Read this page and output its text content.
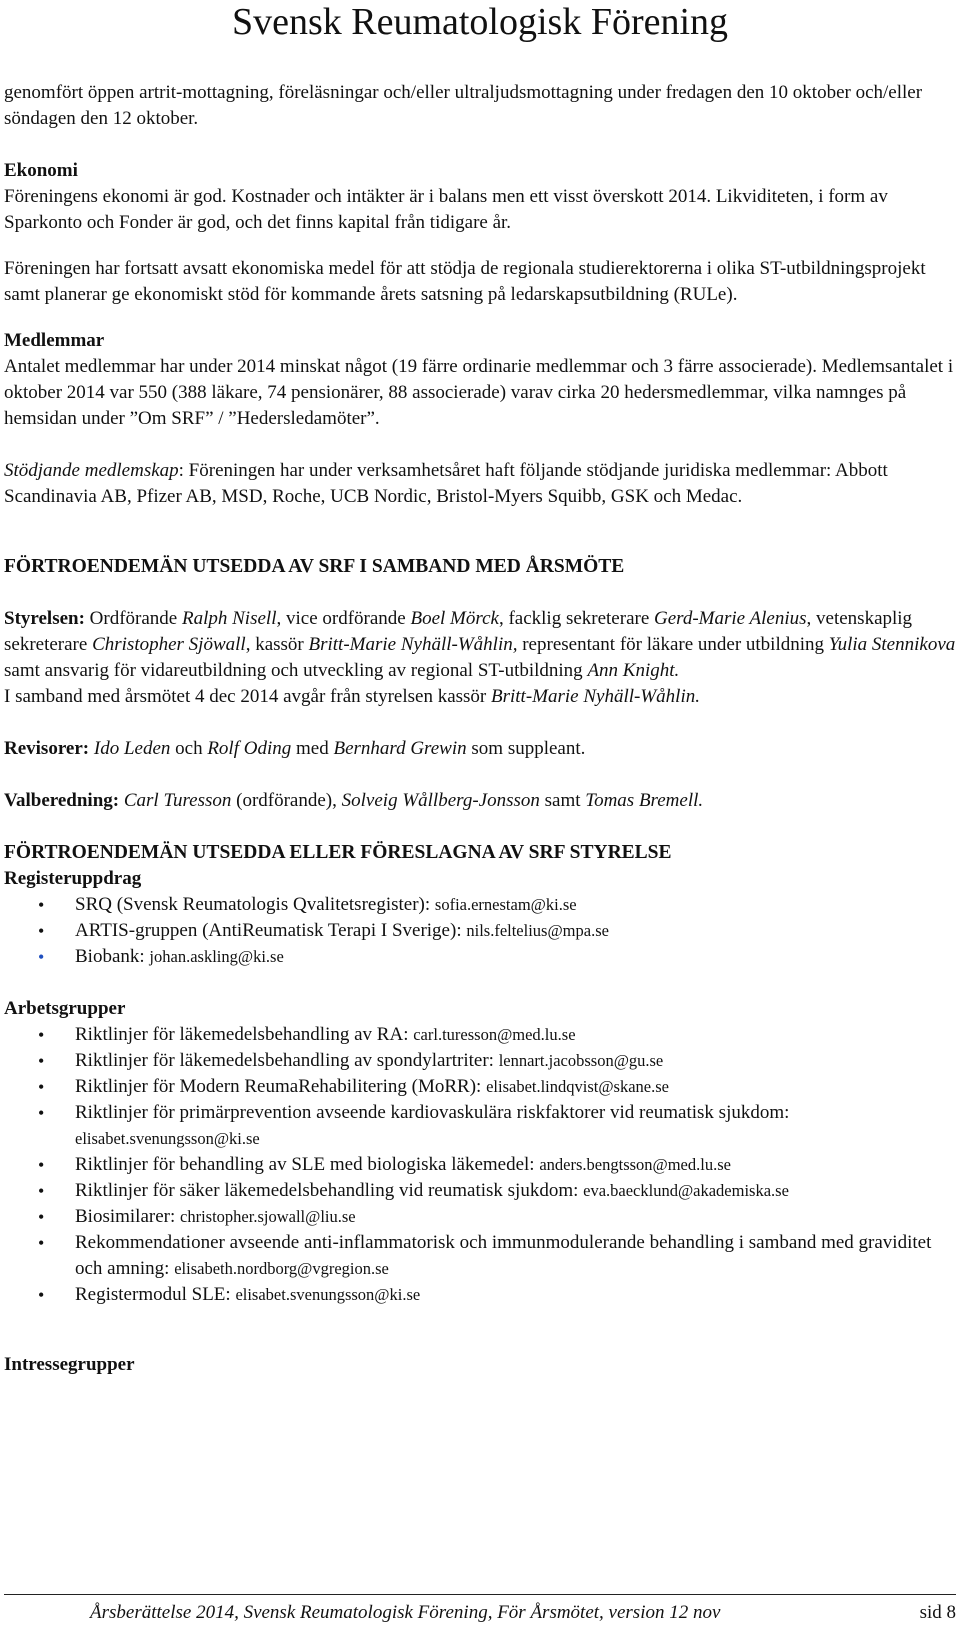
Svensk Reumatologisk Förening

genomfört öppen artrit-mottagning, föreläsningar och/eller ultraljudsmottagning under fredagen den 10 oktober och/eller söndagen den 12 oktober.

Ekonomi

Föreningens ekonomi är god. Kostnader och intäkter är i balans men ett visst överskott 2014. Likviditeten, i form av Sparkonto och Fonder är god, och det finns kapital från tidigare år.

Föreningen har fortsatt avsatt ekonomiska medel för att stödja de regionala studierektorerna i olika ST-utbildningsprojekt samt planerar ge ekonomiskt stöd för kommande årets satsning på ledarskapsutbildning (RULe).

Medlemmar

Antalet medlemmar har under 2014 minskat något (19 färre ordinarie medlemmar och 3 färre associerade). Medlemsantalet i oktober 2014 var 550 (388 läkare, 74 pensionärer, 88 associerade) varav cirka 20 hedersmedlemmar, vilka namnges på hemsidan under ”Om SRF” / ”Hedersledamöter”.

Stödjande medlemskap: Föreningen har under verksamhetsåret haft följande stödjande juridiska medlemmar: Abbott Scandinavia AB, Pfizer AB, MSD, Roche, UCB Nordic, Bristol-Myers Squibb, GSK och Medac.

FÖRTROENDEMÄN UTSEDDA AV SRF I SAMBAND MED ÅRSMÖTE

Styrelsen: Ordförande Ralph Nisell, vice ordförande Boel Mörck, facklig sekreterare Gerd-Marie Alenius, vetenskaplig sekreterare Christopher Sjöwall, kassör Britt-Marie Nyhäll-Wåhlin, representant för läkare under utbildning Yulia Stennikova samt ansvarig för vidareutbildning och utveckling av regional ST-utbildning Ann Knight.

I samband med årsmötet 4 dec 2014 avgår från styrelsen kassör Britt-Marie Nyhäll-Wåhlin.

Revisorer: Ido Leden och Rolf Oding med Bernhard Grewin som suppleant.

Valberedning: Carl Turesson (ordförande), Solveig Wållberg-Jonsson samt Tomas Bremell.

FÖRTROENDEMÄN UTSEDDA ELLER FÖRESLAGNA AV SRF STYRELSE

Registeruppdrag

• SRQ (Svensk Reumatologis Qvalitetsregister): sofia.ernestam@ki.se
• ARTIS-gruppen (AntiReumatisk Terapi I Sverige): nils.feltelius@mpa.se
• Biobank: johan.askling@ki.se

Arbetsgrupper

• Riktlinjer för läkemedelsbehandling av RA: carl.turesson@med.lu.se
• Riktlinjer för läkemedelsbehandling av spondylartriter: lennart.jacobsson@gu.se
• Riktlinjer för Modern ReumaRehabilitering (MoRR): elisabet.lindqvist@skane.se
• Riktlinjer för primärprevention avseende kardiovaskulära riskfaktorer vid reumatisk sjukdom: elisabet.svenungsson@ki.se
• Riktlinjer för behandling av SLE med biologiska läkemedel: anders.bengtsson@med.lu.se
• Riktlinjer för säker läkemedelsbehandling vid reumatisk sjukdom: eva.baecklund@akademiska.se
• Biosimilarer: christopher.sjowall@liu.se
• Rekommendationer avseende anti-inflammatorisk och immunmodulerande behandling i samband med graviditet och amning: elisabeth.nordborg@vgregion.se
• Registermodul SLE: elisabet.svenungsson@ki.se

Intressegrupper

Årsberättelse 2014, Svensk Reumatologisk Förening, För Årsmötet, version 12 nov	sid 8
